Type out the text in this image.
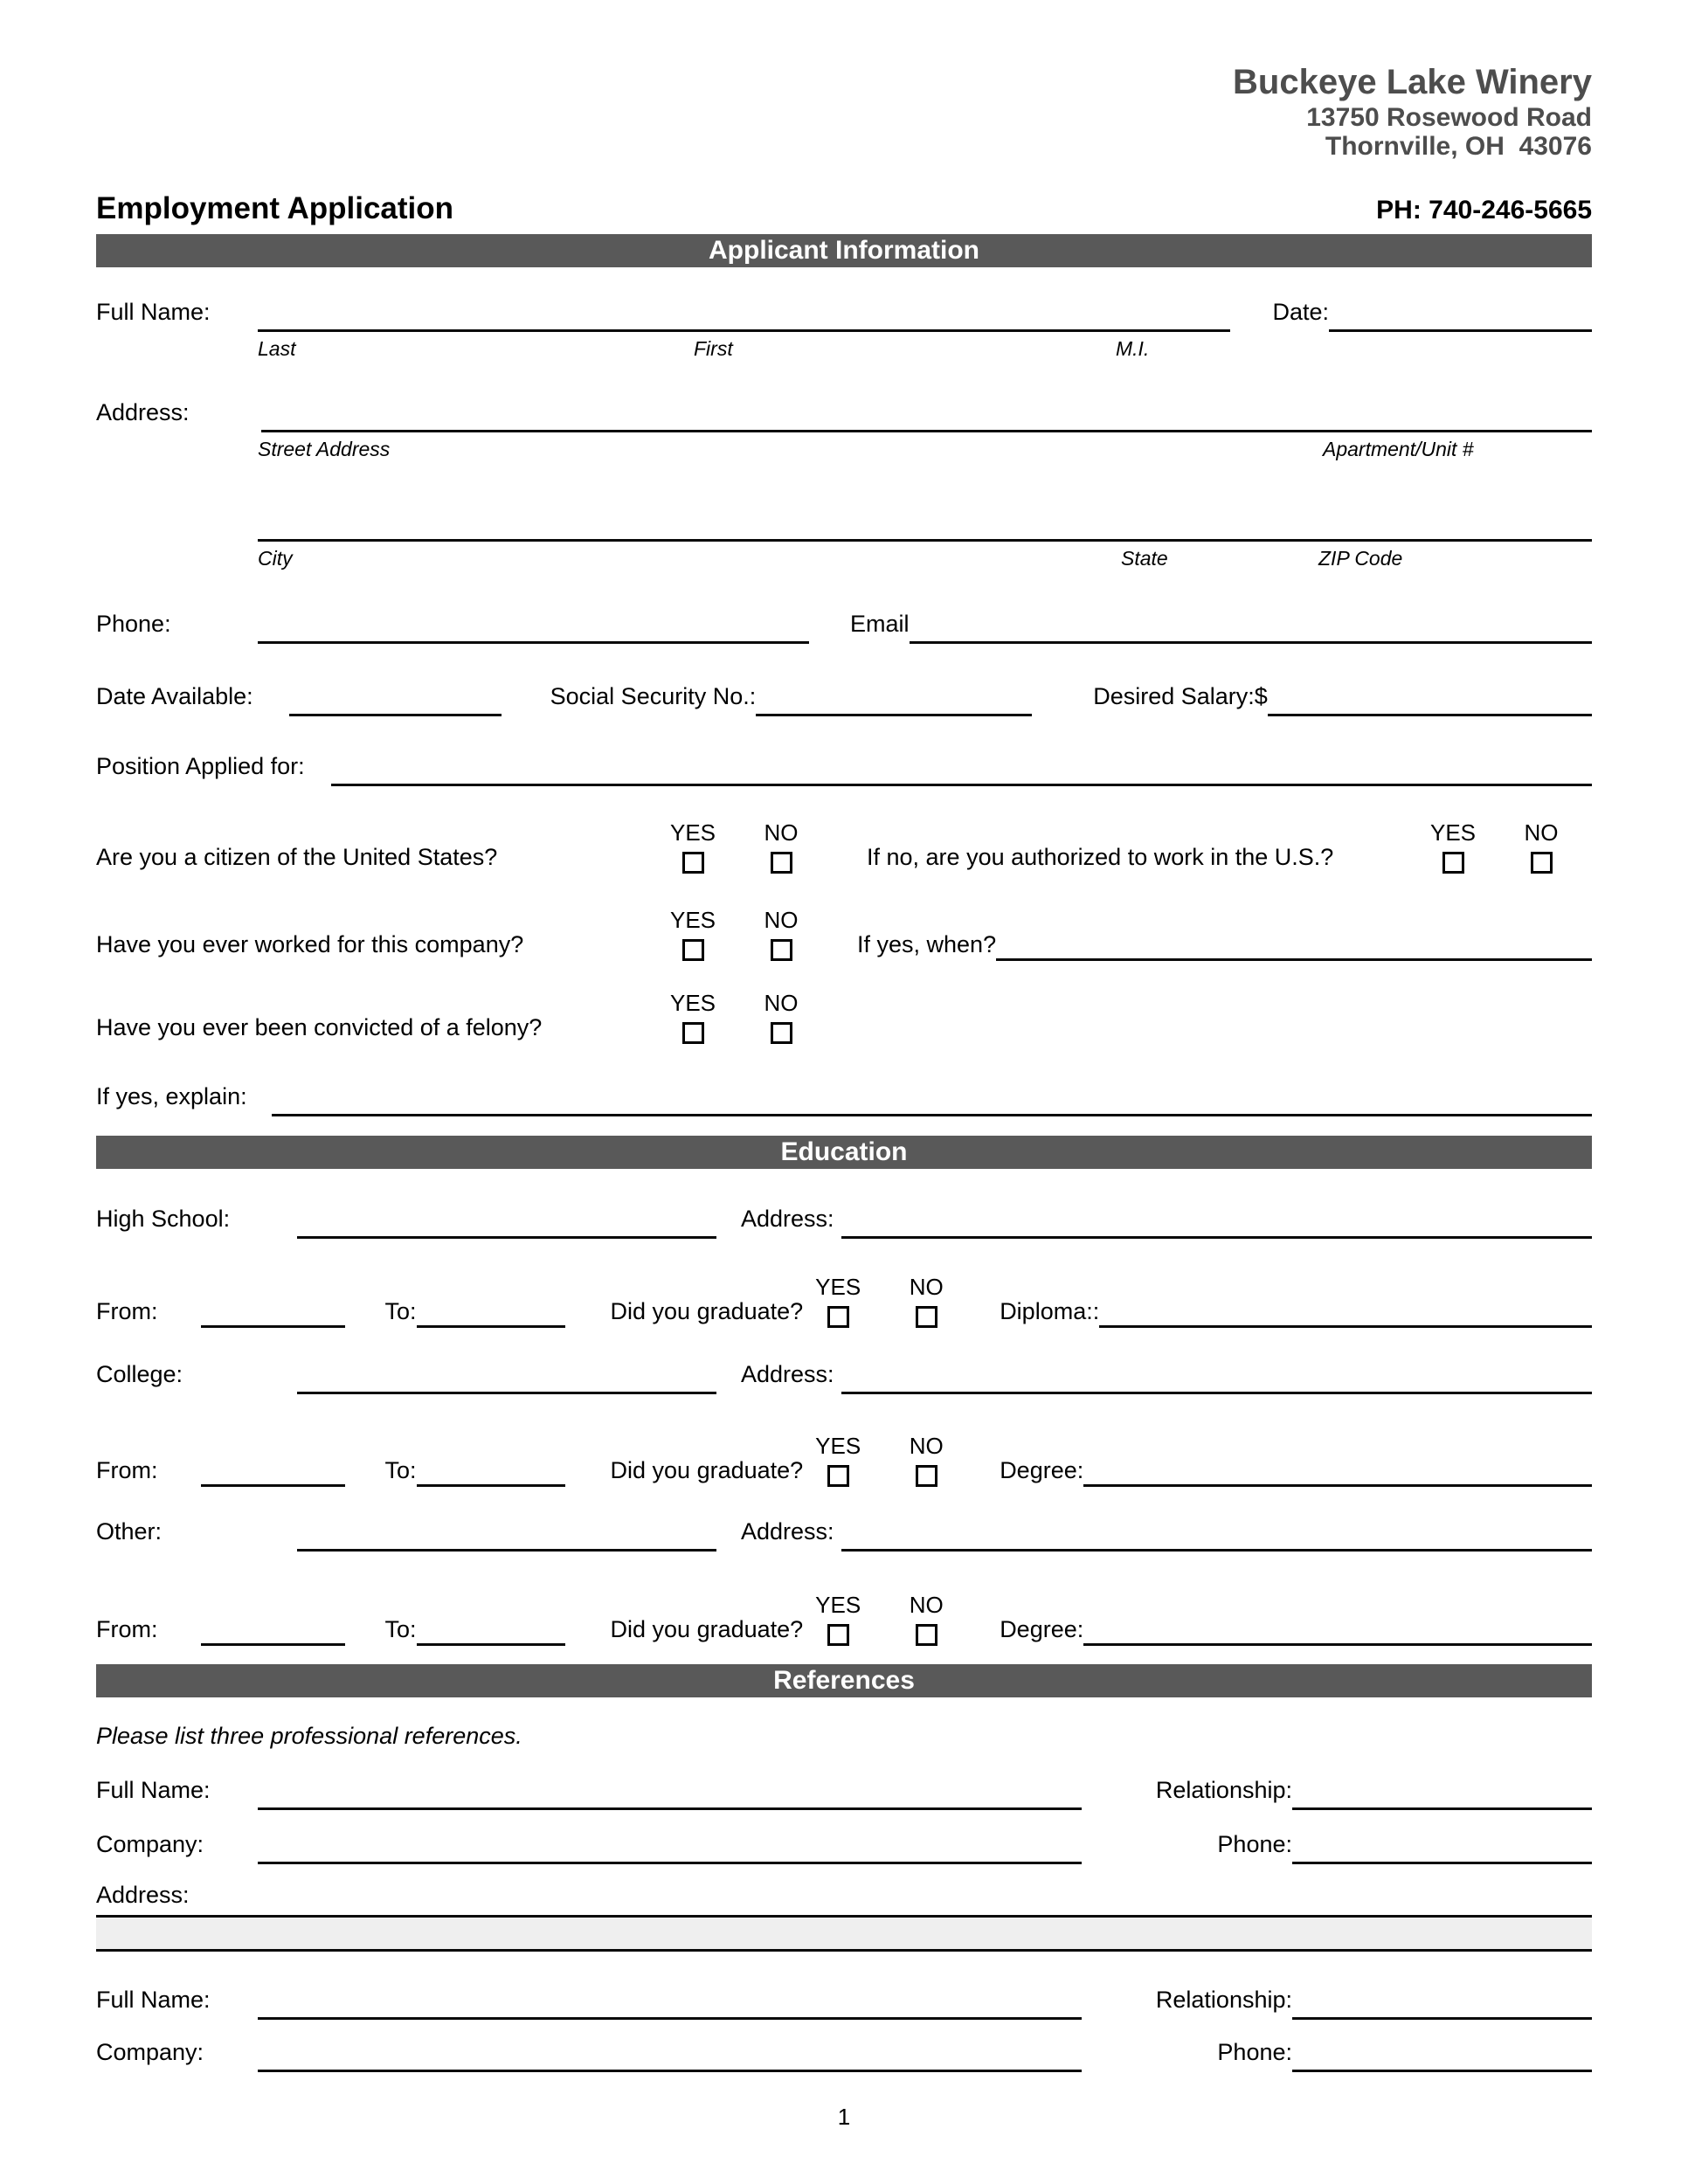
Buckeye Lake Winery
13750 Rosewood Road
Thornville, OH  43076
Employment Application	PH: 740-246-5665
Applicant Information
Full Name:	Date:
Last	First	M.I.
Address:
Street Address	Apartment/Unit #
City	State	ZIP Code
Phone:	Email
Date Available:	Social Security No.:	Desired Salary:$
Position Applied for:
Are you a citizen of the United States?
YES NO
If no, are you authorized to work in the U.S.?
YES NO
Have you ever worked for this company?
YES NO
If yes, when?
Have you ever been convicted of a felony?
YES NO
If yes, explain:
Education
High School:	Address:
From:	To:	Did you graduate?
YES NO
Diploma::
College:	Address:
From:	To:	Did you graduate?
YES NO
Degree:
Other:	Address:
From:	To:	Did you graduate?
YES NO
Degree:
References
Please list three professional references.
Full Name:	Relationship:
Company:	Phone:
Address:
Full Name:	Relationship:
Company:	Phone:
1
